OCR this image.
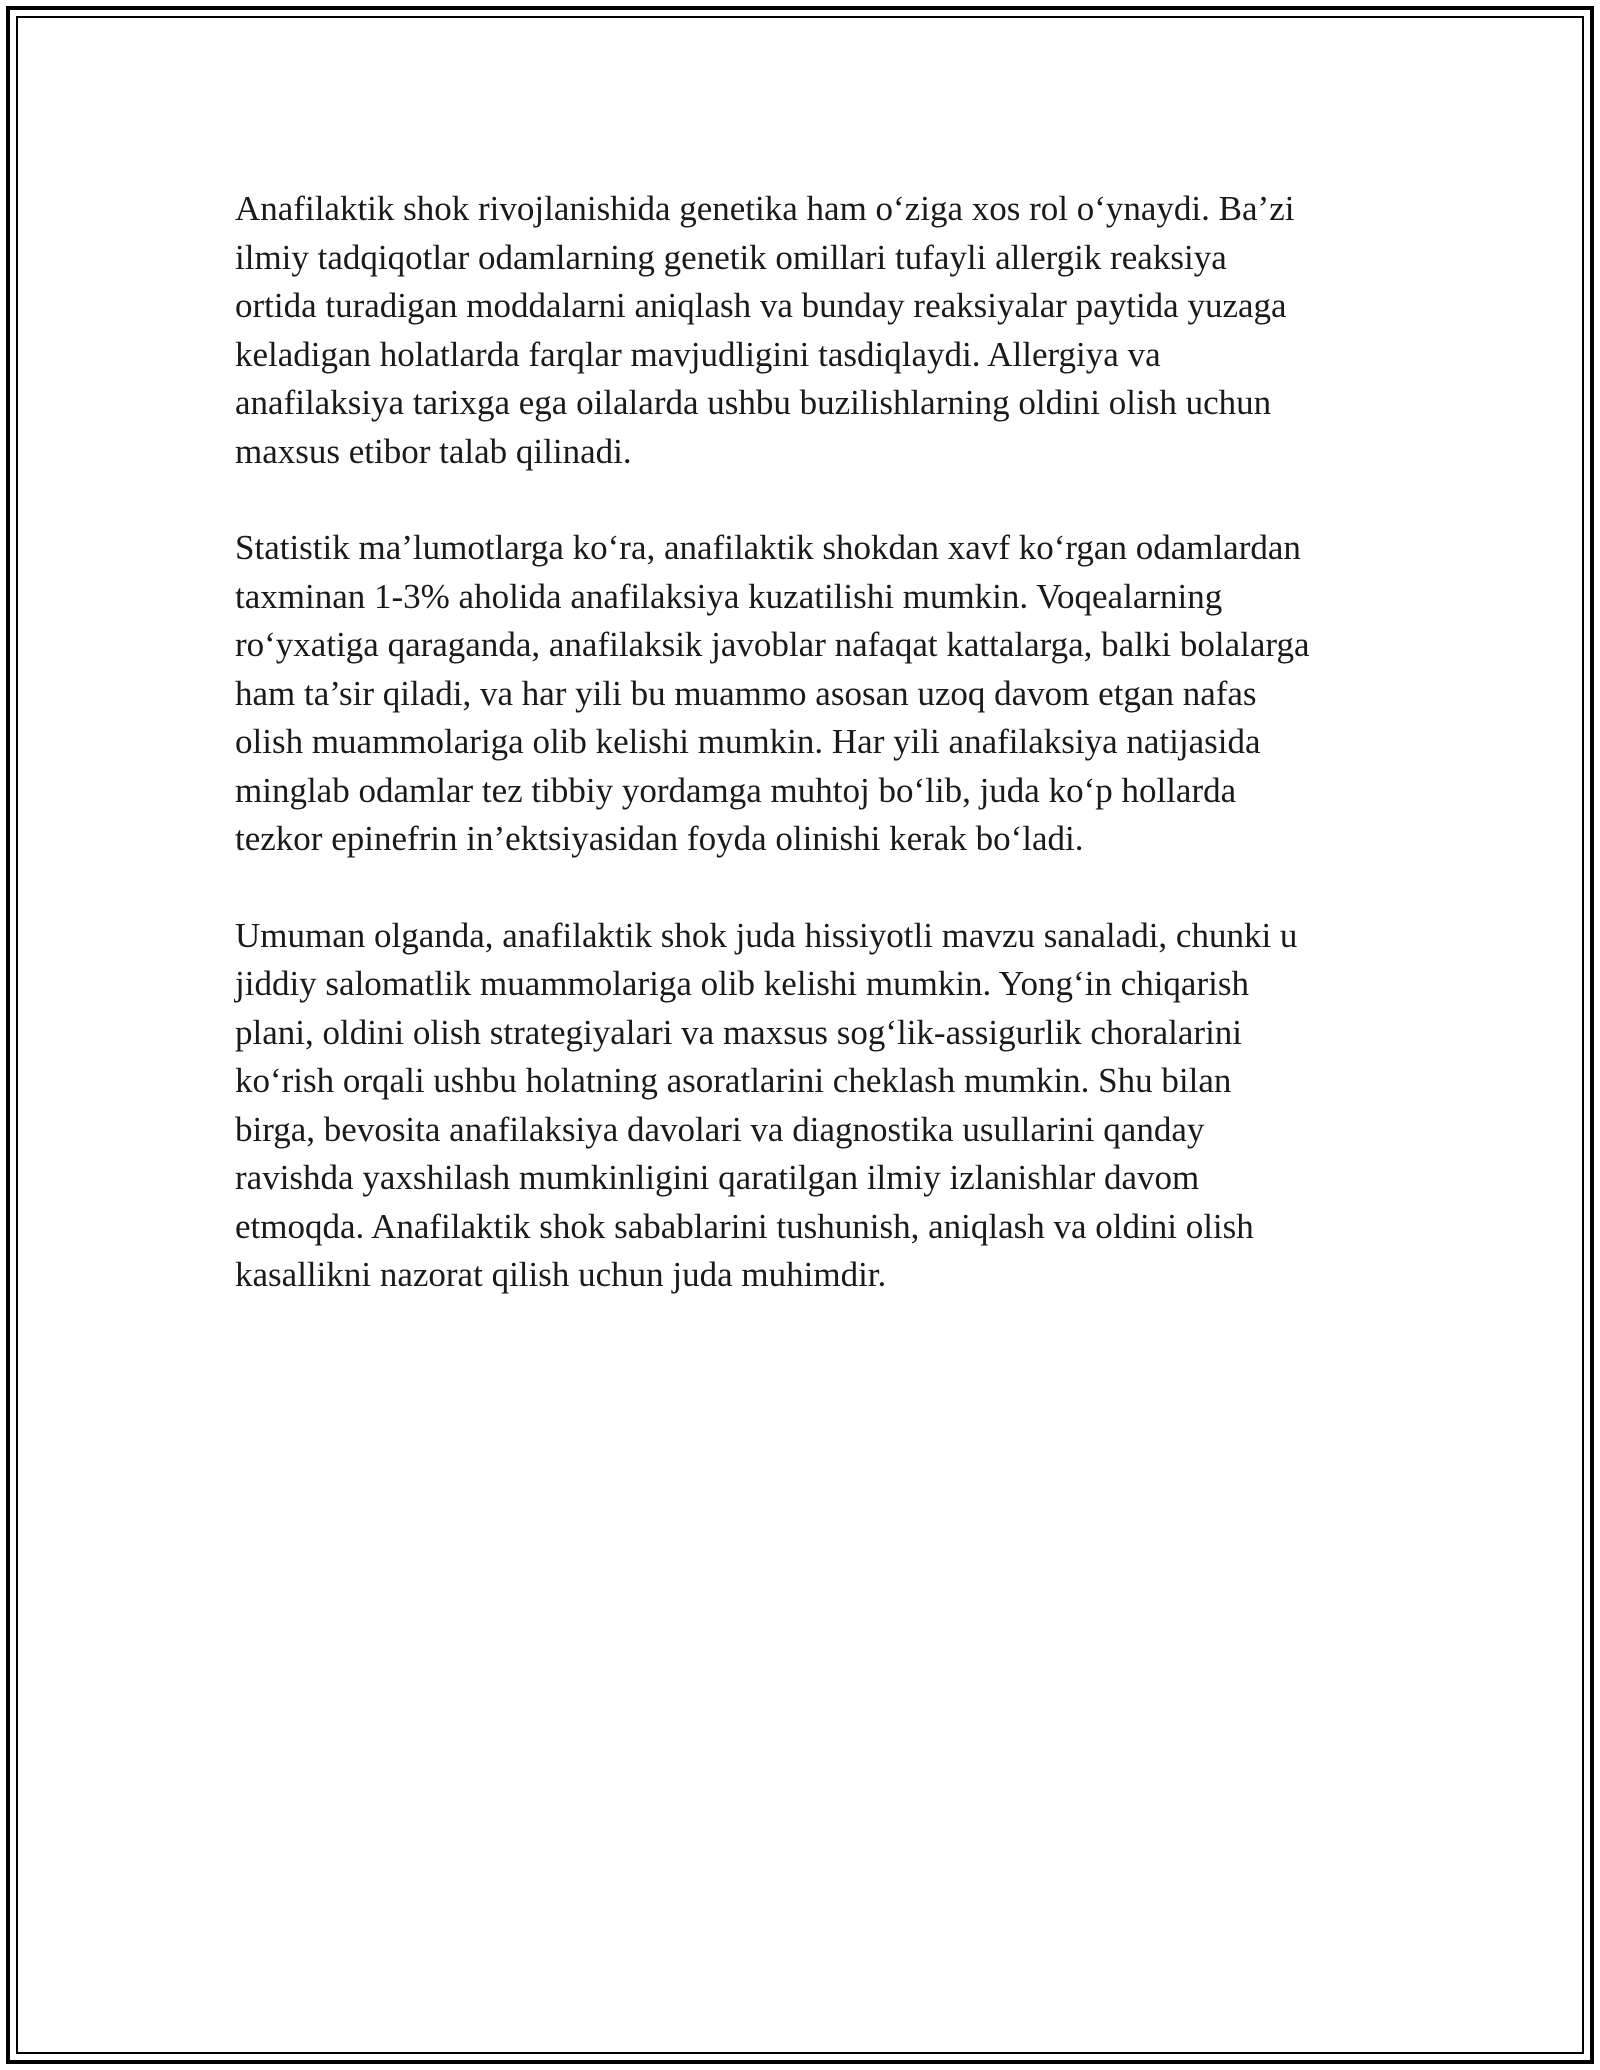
Anafilaktik shok rivojlanishida genetika ham o‘ziga xos rol o‘ynaydi. Ba’zi
ilmiy tadqiqotlar odamlarning genetik omillari tufayli allergik reaksiya
ortida turadigan moddalarni aniqlash va bunday reaksiyalar paytida yuzaga
keladigan holatlarda farqlar mavjudligini tasdiqlaydi. Allergiya va
anafilaksiya tarixga ega oilalarda ushbu buzilishlarning oldini olish uchun
maxsus etibor talab qilinadi.

Statistik ma’lumotlarga ko‘ra, anafilaktik shokdan xavf ko‘rgan odamlardan
taxminan 1-3% aholida anafilaksiya kuzatilishi mumkin. Voqealarning
ro‘yxatiga qaraganda, anafilaksik javoblar nafaqat kattalarga, balki bolalarga
ham ta’sir qiladi, va har yili bu muammo asosan uzoq davom etgan nafas
olish muammolariga olib kelishi mumkin. Har yili anafilaksiya natijasida
minglab odamlar tez tibbiy yordamga muhtoj bo‘lib, juda ko‘p hollarda
tezkor epinefrin in’ektsiyasidan foyda olinishi kerak bo‘ladi.

Umuman olganda, anafilaktik shok juda hissiyotli mavzu sanaladi, chunki u
jiddiy salomatlik muammolariga olib kelishi mumkin. Yong‘in chiqarish
plani, oldini olish strategiyalari va maxsus sog‘lik-assigurlik choralarini
ko‘rish orqali ushbu holatning asoratlarini cheklash mumkin. Shu bilan
birga, bevosita anafilaksiya davolari va diagnostika usullarini qanday
ravishda yaxshilash mumkinligini qaratilgan ilmiy izlanishlar davom
etmoqda. Anafilaktik shok sabablarini tushunish, aniqlash va oldini olish
kasallikni nazorat qilish uchun juda muhimdir.
